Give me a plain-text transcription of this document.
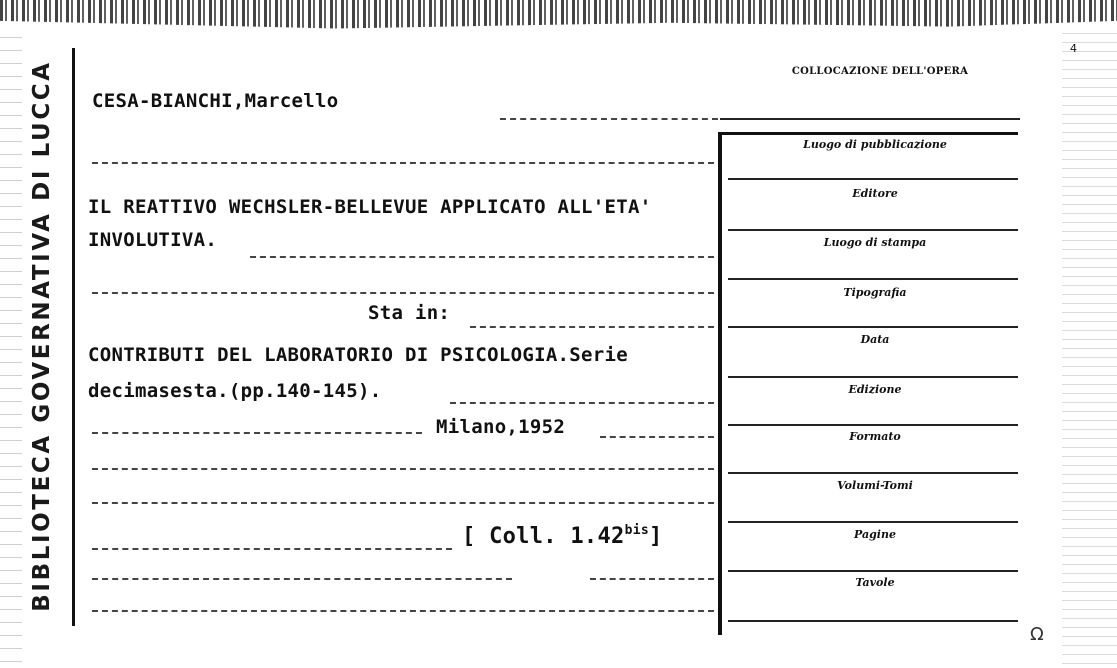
BIBLIOTECA GOVERNATIVA DI LUCCA
4
COLLOCAZIONE DELL'OPERA
Luogo di pubblicazione
Editore
Luogo di stampa
Tipografia
Data
Edizione
Formato
Volumi-Tomi
Pagine
Tavole
CESA-BIANCHI,Marcello
IL REATTIVO WECHSLER-BELLEVUE APPLICATO ALL'ETA'
INVOLUTIVA.
Sta in:
CONTRIBUTI DEL LABORATORIO DI PSICOLOGIA.Serie
decimasesta.(pp.140-145).
Milano,1952
[ Coll. $1.42^{bis}$]
Ω
